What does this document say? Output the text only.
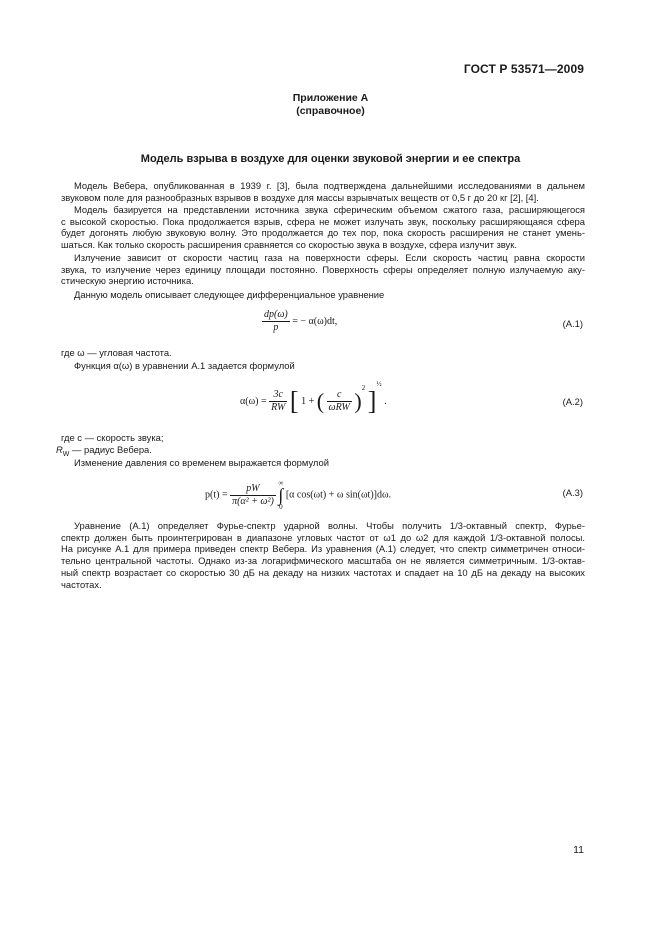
ГОСТ Р 53571—2009
Приложение А
(справочное)
Модель взрыва в воздухе для оценки звуковой энергии и ее спектра
Модель Вебера, опубликованная в 1939 г. [3], была подтверждена дальнейшими исследованиями в дальнем
звуковом поле для разнообразных взрывов в воздухе для массы взрывчатых веществ от 0,5 г до 20 кг [2], [4].
Модель базируется на представлении источника звука сферическим объемом сжатого газа, расширяющегося
с высокой скоростью. Пока продолжается взрыв, сфера не может излучать звук, поскольку расширяющаяся сфера
будет догонять любую звуковую волну. Это продолжается до тех пор, пока скорость расширения не станет умень-
шаться. Как только скорость расширения сравняется со скоростью звука в воздухе, сфера излучит звук.
Излучение зависит от скорости частиц газа на поверхности сферы. Если скорость частиц равна скорости
звука, то излучение через единицу площади постоянно. Поверхность сферы определяет полную излучаемую аку-
стическую энергию источника.
Данную модель описывает следующее дифференциальное уравнение
$\frac{dp(\omega)}{p}$ = − α(ω)dt,	(А.1)
где ω — угловая частота.
Функция α(ω) в уравнении А.1 задается формулой
$\alpha(\omega) = \frac{3c}{RW}$ [ 1 + ( $\frac{c}{\text{ωRW}} )^2$ ]$^{\frac{1}{2}}$ .	(А.2)
где c — скорость звука;
$R_W$ — радиус Вебера.
Изменение давления со временем выражается формулой
$p(t) = \frac{pW}{\text{π(α² + ω²)}}$
∞
∫
0
[α cos(ωt) + ω sin(ωt)]dω.	(А.3)
Уравнение (А.1) определяет Фурье-спектр ударной волны. Чтобы получить 1/3-октавный спектр, Фурье-
спектр должен быть проинтегрирован в диапазоне угловых частот от ω1 до ω2 для каждой 1/3-октавной полосы.
На рисунке А.1 для примера приведен спектр Вебера. Из уравнения (А.1) следует, что спектр симметричен относи-
тельно центральной частоты. Однако из-за логарифмического масштаба он не является симметричным. 1/3-октав-
ный спектр возрастает со скоростью 30 дБ на декаду на низких частотах и спадает на 10 дБ на декаду на высоких
частотах.
11
